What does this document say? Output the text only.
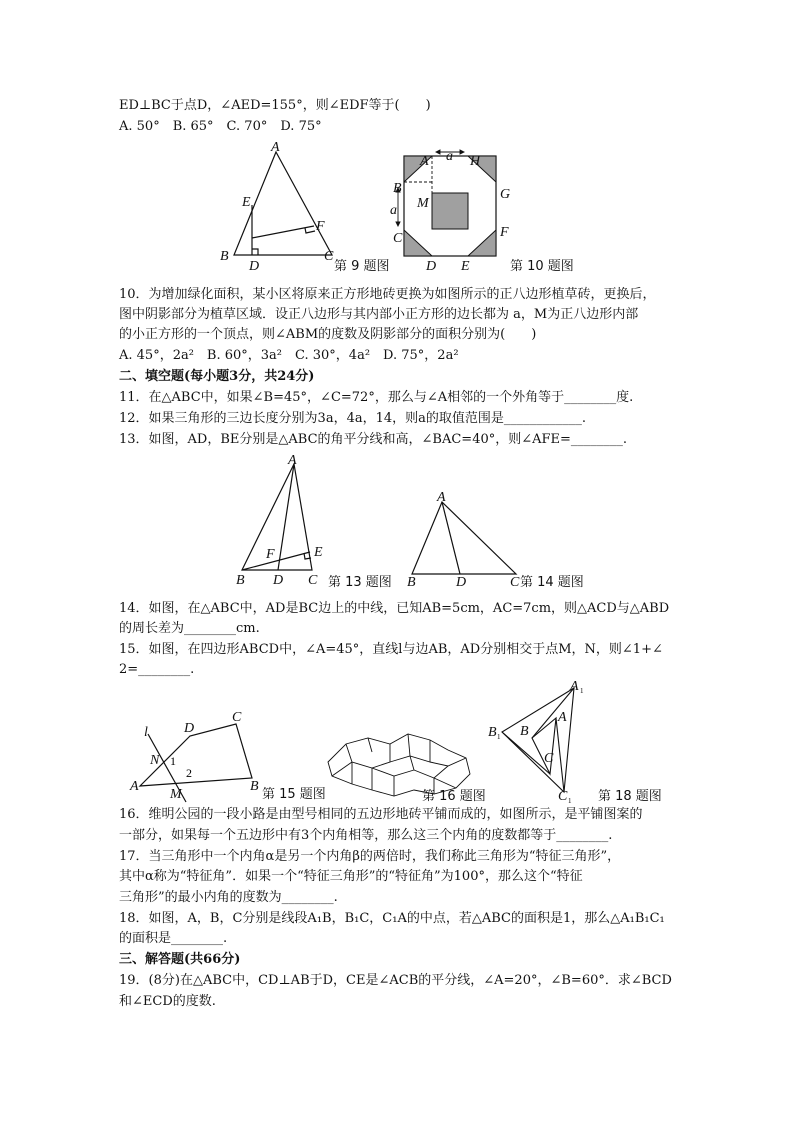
ED⊥BC于点D，∠AED=155°，则∠EDF等于(　　)
A. 50°　B. 65°　C. 70°　D. 75°
A
E
F
B
D
C
第 9 题图
a
a
A	H
B	G
M
C	F
D E	第 10 题图
10．为增加绿化面积，某小区将原来正方形地砖更换为如图所示的正八边形植草砖，更换后，
图中阴影部分为植草区域．设正八边形与其内部小正方形的边长都为 a，M为正八边形内部
的小正方形的一个顶点，则∠ABM的度数及阴影部分的面积分别为(　　)
A. 45°，2a²　B. 60°，3a²　C. 30°，4a²　D. 75°，2a²
二、填空题(每小题3分，共24分)
11．在△ABC中，如果∠B=45°，∠C=72°，那么与∠A相邻的一个外角等于________度.
12．如果三角形的三边长度分别为3a，4a，14，则a的取值范围是____________.
13．如图，AD，BE分别是△ABC的角平分线和高，∠BAC=40°，则∠AFE=________.
A
E
F
B D C 第 13 题图
A
B	D	C 第 14 题图
14．如图，在△ABC中，AD是BC边上的中线，已知AB=5cm，AC=7cm，则△ACD与△ABD
的周长差为________cm.
15．如图，在四边形ABCD中，∠A=45°，直线l与边AB，AD分别相交于点M，N，则∠1+∠
2=________.
l	D
C
N 1
2
A
M
B
第 15 题图	第 16 题图
A 1
A
B 1 B
C
C 1 第 18 题图
16．维明公园的一段小路是由型号相同的五边形地砖平铺而成的，如图所示，是平铺图案的
一部分，如果每一个五边形中有3个内角相等，那么这三个内角的度数都等于________.
17．当三角形中一个内角α是另一个内角β的两倍时，我们称此三角形为“特征三角形”，
其中α称为“特征角”．如果一个“特征三角形”的“特征角”为100°，那么这个“特征
三角形”的最小内角的度数为________.
18．如图，A，B，C分别是线段A₁B，B₁C，C₁A的中点，若△ABC的面积是1，那么△A₁B₁C₁
的面积是________.
三、解答题(共66分)
19．(8分)在△ABC中，CD⊥AB于D，CE是∠ACB的平分线，∠A=20°，∠B=60°．求∠BCD
和∠ECD的度数.
